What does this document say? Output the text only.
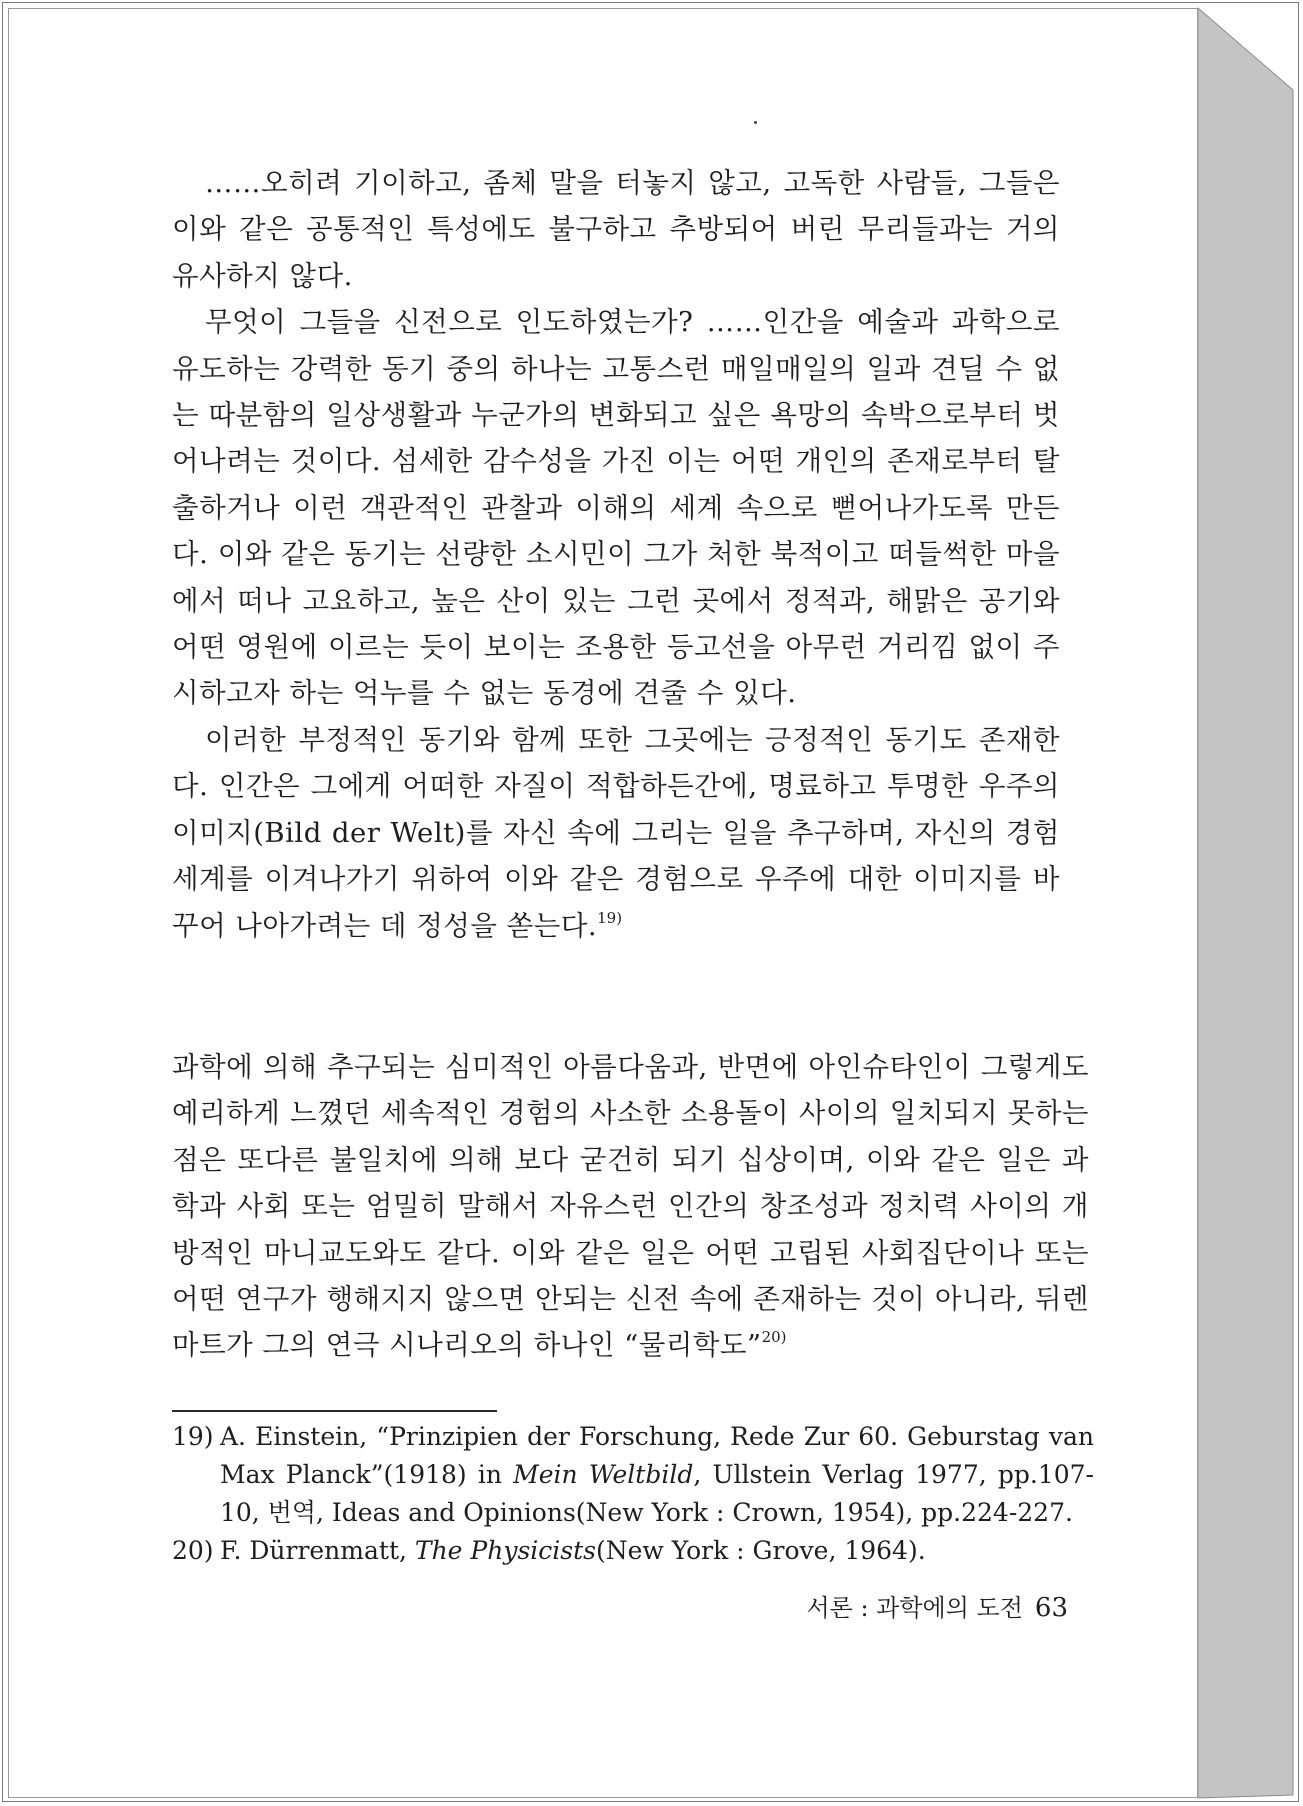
……오히려 기이하고, 좀체 말을 터놓지 않고, 고독한 사람들, 그들은 이와 같은 공통적인 특성에도 불구하고 추방되어 버린 무리들과는 거의 유사하지 않다.

무엇이 그들을 신전으로 인도하였는가? ……인간을 예술과 과학으로 유도하는 강력한 동기 중의 하나는 고통스런 매일매일의 일과 견딜 수 없는 따분함의 일상생활과 누군가의 변화되고 싶은 욕망의 속박으로부터 벗어나려는 것이다. 섬세한 감수성을 가진 이는 어떤 개인의 존재로부터 탈출하거나 이런 객관적인 관찰과 이해의 세계 속으로 뻗어나가도록 만든다. 이와 같은 동기는 선량한 소시민이 그가 처한 북적이고 떠들썩한 마을에서 떠나 고요하고, 높은 산이 있는 그런 곳에서 정적과, 해맑은 공기와 어떤 영원에 이르는 듯이 보이는 조용한 등고선을 아무런 거리낌 없이 주시하고자 하는 억누를 수 없는 동경에 견줄 수 있다.

이러한 부정적인 동기와 함께 또한 그곳에는 긍정적인 동기도 존재한다. 인간은 그에게 어떠한 자질이 적합하든간에, 명료하고 투명한 우주의 이미지(Bild der Welt)를 자신 속에 그리는 일을 추구하며, 자신의 경험 세계를 이겨나가기 위하여 이와 같은 경험으로 우주에 대한 이미지를 바꾸어 나아가려는 데 정성을 쏟는다.$^{19)}$

과학에 의해 추구되는 심미적인 아름다움과, 반면에 아인슈타인이 그렇게도 예리하게 느꼈던 세속적인 경험의 사소한 소용돌이 사이의 일치되지 못하는 점은 또다른 불일치에 의해 보다 굳건히 되기 십상이며, 이와 같은 일은 과학과 사회 또는 엄밀히 말해서 자유스런 인간의 창조성과 정치력 사이의 개방적인 마니교도와도 같다. 이와 같은 일은 어떤 고립된 사회집단이나 또는 어떤 연구가 행해지지 않으면 안되는 신전 속에 존재하는 것이 아니라, 뒤렌마트가 그의 연극 시나리오의 하나인 “물리학도”$^{20)}$

19) A. Einstein, “Prinzipien der Forschung, Rede Zur 60. Geburstag van Max Planck”(1918) in Mein Weltbild, Ullstein Verlag 1977, pp.107-10, 번역, Ideas and Opinions(New York : Crown, 1954), pp.224-227.
20) F. Dürrenmatt, The Physicists(New York : Grove, 1964).
서론 : 과학에의 도전 63
